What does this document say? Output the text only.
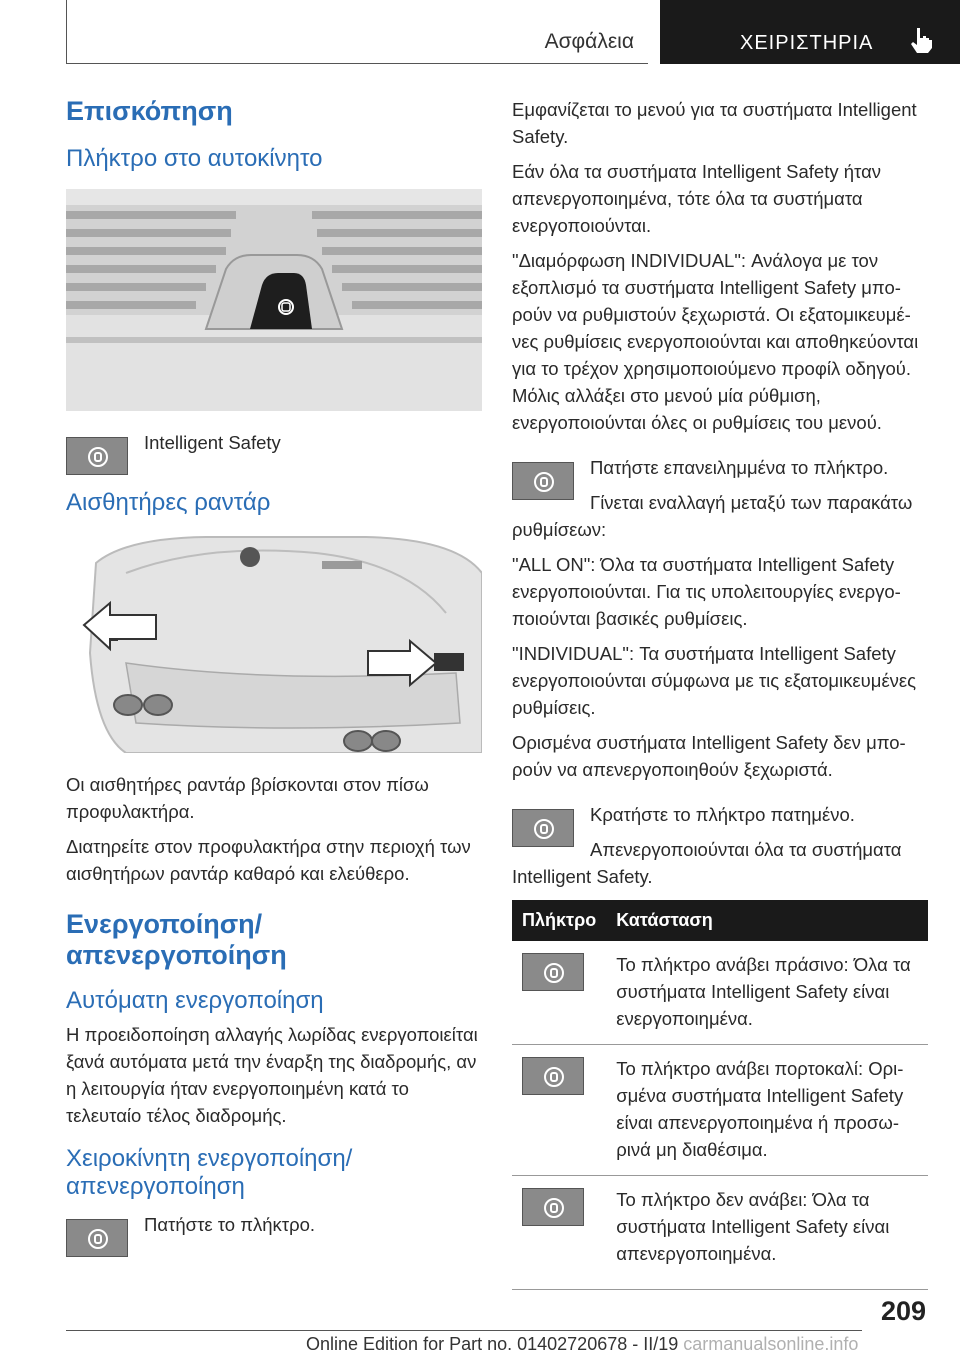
Ασφάλεια	ΧΕΙΡΙΣΤΗΡΙΑ
Επισκόπηση
Πλήκτρο στο αυτοκίνητο

Intelligent Safety

Αισθητήρες ραντάρ

Οι αισθητήρες ραντάρ βρίσκονται στον πίσω προφυλακτήρα.

Διατηρείτε στον προφυλακτήρα στην περιοχή των αισθητήρων ραντάρ καθαρό και ελεύθερο.

Ενεργοποίηση/απενεργοποίηση
Αυτόματη ενεργοποίηση

Η προειδοποίηση αλλαγής λωρίδας ενεργοποιείται ξανά αυτόματα μετά την έναρξη της διαδρομής, αν η λειτουργία ήταν ενεργοποιημένη κατά το τελευταίο τέλος διαδρομής.

Χειροκίνητη ενεργοποίηση/ απενεργοποίηση

Πατήστε το πλήκτρο.

Εμφανίζεται το μενού για τα συστήματα Intelligent Safety.

Εάν όλα τα συστήματα Intelligent Safety ήταν απενεργοποιημένα, τότε όλα τα συστήματα ενεργοποιούνται.

"Διαμόρφωση INDIVIDUAL": Ανάλογα με τον εξοπλισμό τα συστήματα Intelligent Safety μπορούν να ρυθμιστούν ξεχωριστά. Οι εξατομικευμένες ρυθμίσεις ενεργοποιούνται και αποθηκεύονται για το τρέχον χρησιμοποιούμενο προφίλ οδηγού. Μόλις αλλάξει στο μενού μία ρύθμιση, ενεργοποιούνται όλες οι ρυθμίσεις του μενού.

Πατήστε επανειλημμένα το πλήκτρο.

Γίνεται εναλλαγή μεταξύ των παρακάτω ρυθμίσεων:

"ALL ON": Όλα τα συστήματα Intelligent Safety ενεργοποιούνται. Για τις υπολειτουργίες ενεργοποιούνται βασικές ρυθμίσεις.

"INDIVIDUAL": Τα συστήματα Intelligent Safety ενεργοποιούνται σύμφωνα με τις εξατομικευμένες ρυθμίσεις.

Ορισμένα συστήματα Intelligent Safety δεν μπορούν να απενεργοποιηθούν ξεχωριστά.

Κρατήστε το πλήκτρο πατημένο.

Απενεργοποιούνται όλα τα συστήματα Intelligent Safety.

Πλήκτρο	Κατάσταση

	Το πλήκτρο ανάβει πράσινο: Όλα τα συστήματα Intelligent Safety είναι ενεργοποιημένα.

	Το πλήκτρο ανάβει πορτοκαλί: Ορισμένα συστήματα Intelligent Safety είναι απενεργοποιημένα ή προσωρινά μη διαθέσιμα.

	Το πλήκτρο δεν ανάβει: Όλα τα συστήματα Intelligent Safety είναι απενεργοποιημένα.
209
Online Edition for Part no. 01402720678 - II/19 carmanualsonline.info
